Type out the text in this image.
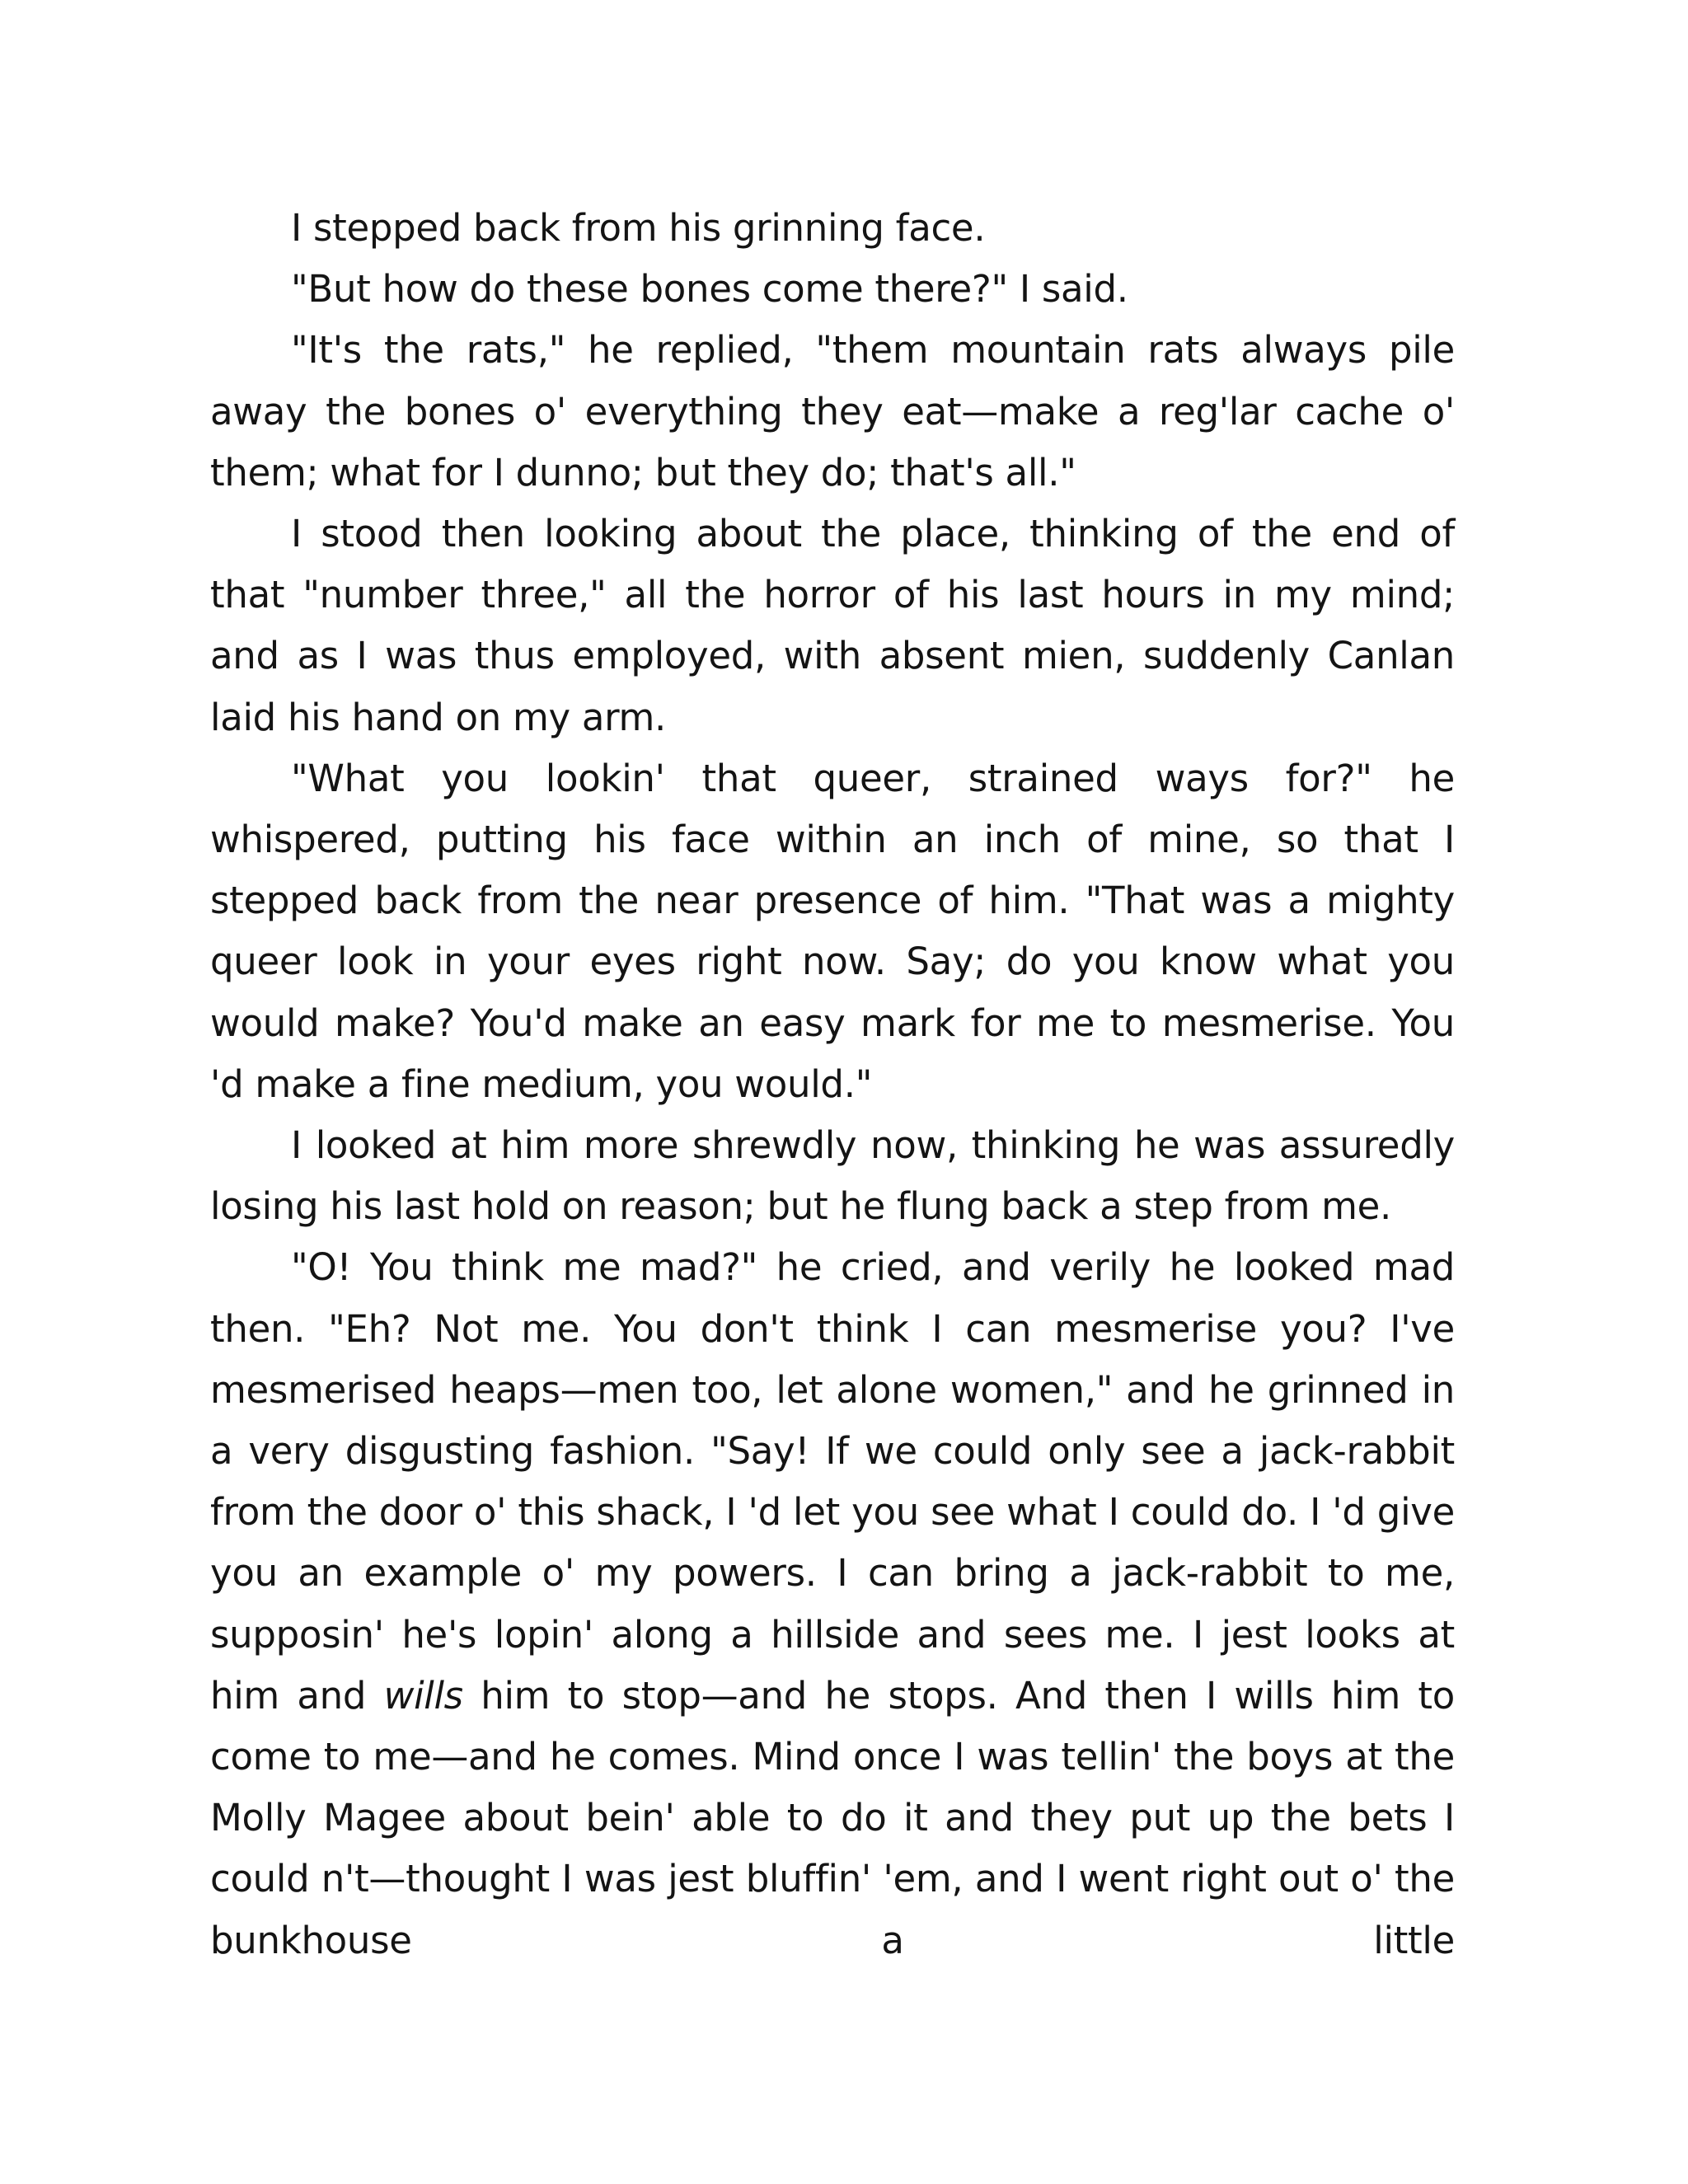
I stepped back from his grinning face.

"But how do these bones come there?" I said.

"It's the rats," he replied, "them mountain rats always pile away the bones o' everything they eat—make a reg'lar cache o' them; what for I dunno; but they do; that's all."

I stood then looking about the place, thinking of the end of that "number three," all the horror of his last hours in my mind; and as I was thus employed, with absent mien, suddenly Canlan laid his hand on my arm.

"What you lookin' that queer, strained ways for?" he whispered, putting his face within an inch of mine, so that I stepped back from the near presence of him. "That was a mighty queer look in your eyes right now. Say; do you know what you would make? You'd make an easy mark for me to mesmerise. You 'd make a fine medium, you would."

I looked at him more shrewdly now, thinking he was assuredly losing his last hold on reason; but he flung back a step from me.

"O! You think me mad?" he cried, and verily he looked mad then. "Eh? Not me. You don't think I can mesmerise you? I've mesmerised heaps—men too, let alone women," and he grinned in a very disgusting fashion. "Say! If we could only see a jack-rabbit from the door o' this shack, I 'd let you see what I could do. I 'd give you an example o' my powers. I can bring a jack-rabbit to me, supposin' he's lopin' along a hillside and sees me. I jest looks at him and wills him to stop—and he stops. And then I wills him to come to me—and he comes. Mind once I was tellin' the boys at the Molly Magee about bein' able to do it and they put up the bets I could n't—thought I was jest bluffin' 'em, and I went right out o' the bunkhouse a little
